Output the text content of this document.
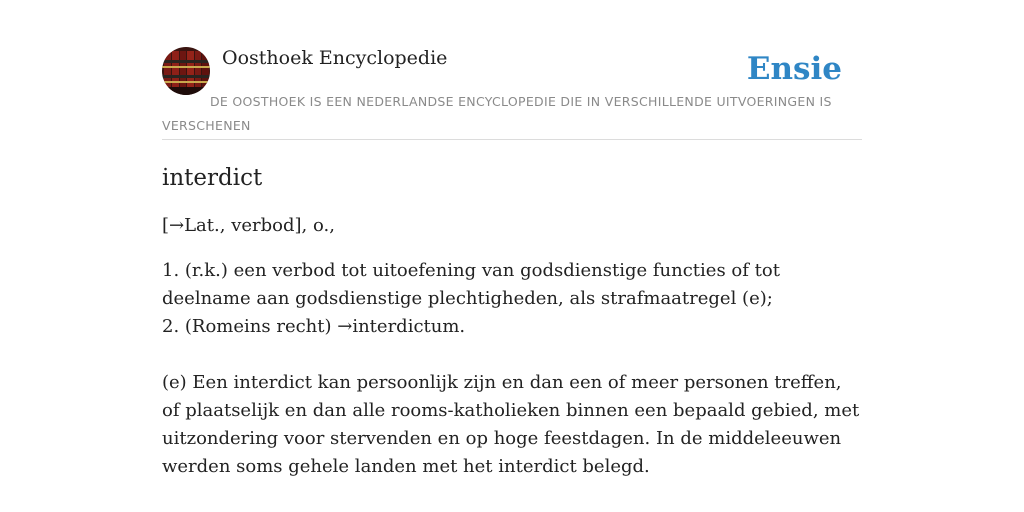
Oosthoek Encyclopedie	Ensie
DE OOSTHOEK IS EEN NEDERLANDSE ENCYCLOPEDIE DIE IN VERSCHILLENDE UITVOERINGEN IS VERSCHENEN
interdict
[→Lat., verbod], o.,

1. (r.k.) een verbod tot uitoefening van godsdienstige functies of tot deelname aan godsdienstige plechtigheden, als strafmaatregel (e);

2. (Romeins recht) →interdictum.

(e) Een interdict kan persoonlijk zijn en dan een of meer personen treffen, of plaatselijk en dan alle rooms-katholieken binnen een bepaald gebied, met uitzondering voor stervenden en op hoge feestdagen. In de middeleeuwen werden soms gehele landen met het interdict belegd.
